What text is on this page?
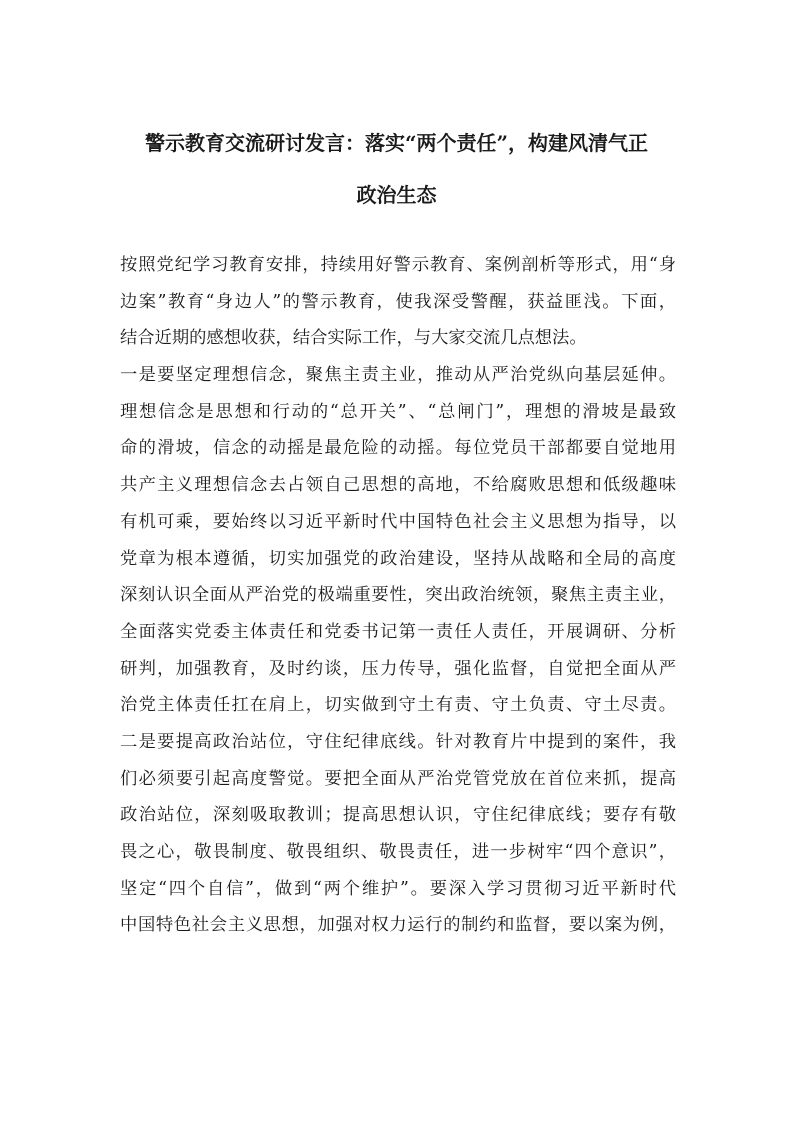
警示教育交流研讨发言：落实“两个责任”，构建风清气正
政治生态
按照党纪学习教育安排，持续用好警示教育、案例剖析等形式，用“身
边案”教育“身边人”的警示教育，使我深受警醒，获益匪浅。下面，
结合近期的感想收获，结合实际工作，与大家交流几点想法。
一是要坚定理想信念，聚焦主责主业，推动从严治党纵向基层延伸。
理想信念是思想和行动的“总开关”、“总闸门”，理想的滑坡是最致
命的滑坡，信念的动摇是最危险的动摇。每位党员干部都要自觉地用
共产主义理想信念去占领自己思想的高地，不给腐败思想和低级趣味
有机可乘，要始终以习近平新时代中国特色社会主义思想为指导，以
党章为根本遵循，切实加强党的政治建设，坚持从战略和全局的高度
深刻认识全面从严治党的极端重要性，突出政治统领，聚焦主责主业，
全面落实党委主体责任和党委书记第一责任人责任，开展调研、分析
研判，加强教育，及时约谈，压力传导，强化监督，自觉把全面从严
治党主体责任扛在肩上，切实做到守土有责、守土负责、守土尽责。
二是要提高政治站位，守住纪律底线。针对教育片中提到的案件，我
们必须要引起高度警觉。要把全面从严治党管党放在首位来抓，提高
政治站位，深刻吸取教训；提高思想认识，守住纪律底线；要存有敬
畏之心，敬畏制度、敬畏组织、敬畏责任，进一步树牢“四个意识”，
坚定“四个自信”，做到“两个维护”。要深入学习贯彻习近平新时代
中国特色社会主义思想，加强对权力运行的制约和监督，要以案为例，
